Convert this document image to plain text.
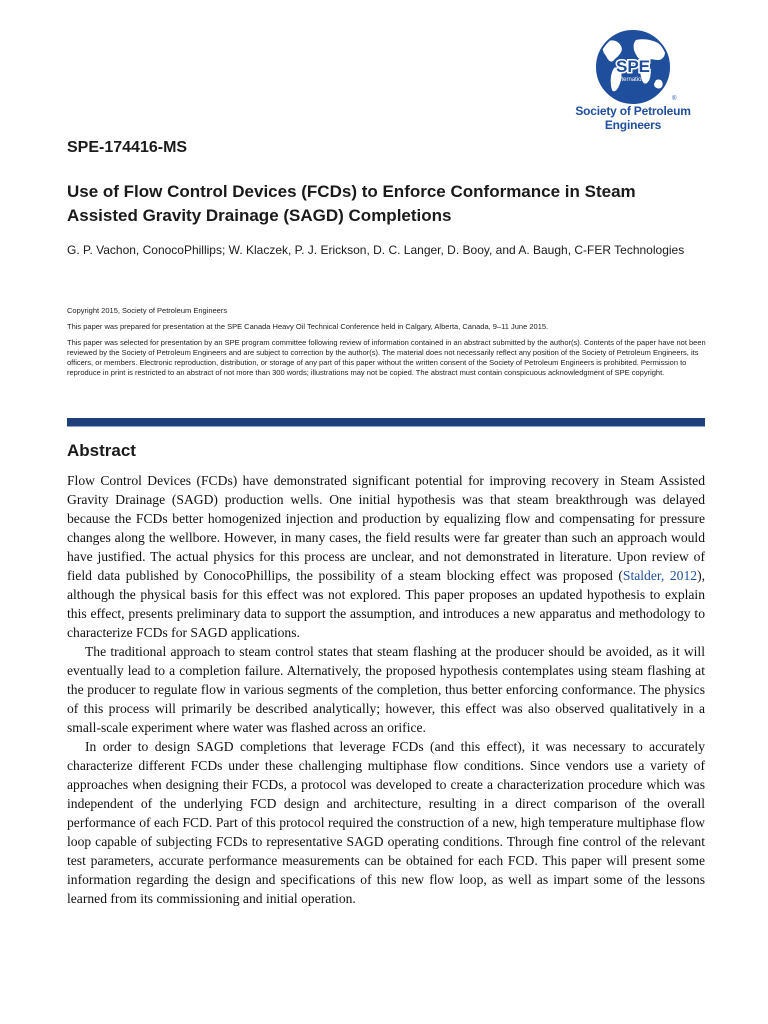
SPE
International
®
Society of Petroleum Engineers
SPE-174416-MS
Use of Flow Control Devices (FCDs) to Enforce Conformance in Steam Assisted Gravity Drainage (SAGD) Completions
G. P. Vachon, ConocoPhillips; W. Klaczek, P. J. Erickson, D. C. Langer, D. Booy, and A. Baugh, C-FER Technologies

Copyright 2015, Society of Petroleum Engineers

This paper was prepared for presentation at the SPE Canada Heavy Oil Technical Conference held in Calgary, Alberta, Canada, 9–11 June 2015.

This paper was selected for presentation by an SPE program committee following review of information contained in an abstract submitted by the author(s). Contents of the paper have not been reviewed by the Society of Petroleum Engineers and are subject to correction by the author(s). The material does not necessarily reflect any position of the Society of Petroleum Engineers, its officers, or members. Electronic reproduction, distribution, or storage of any part of this paper without the written consent of the Society of Petroleum Engineers is prohibited. Permission to reproduce in print is restricted to an abstract of not more than 300 words; illustrations may not be copied. The abstract must contain conspicuous acknowledgment of SPE copyright.

Abstract

Flow Control Devices (FCDs) have demonstrated significant potential for improving recovery in Steam Assisted Gravity Drainage (SAGD) production wells. One initial hypothesis was that steam breakthrough was delayed because the FCDs better homogenized injection and production by equalizing flow and compensating for pressure changes along the wellbore. However, in many cases, the field results were far greater than such an approach would have justified. The actual physics for this process are unclear, and not demonstrated in literature. Upon review of field data published by ConocoPhillips, the possibility of a steam blocking effect was proposed (Stalder, 2012), although the physical basis for this effect was not explored. This paper proposes an updated hypothesis to explain this effect, presents preliminary data to support the assumption, and introduces a new apparatus and methodology to characterize FCDs for SAGD applications.

The traditional approach to steam control states that steam flashing at the producer should be avoided, as it will eventually lead to a completion failure. Alternatively, the proposed hypothesis contemplates using steam flashing at the producer to regulate flow in various segments of the completion, thus better enforcing conformance. The physics of this process will primarily be described analytically; however, this effect was also observed qualitatively in a small-scale experiment where water was flashed across an orifice.

In order to design SAGD completions that leverage FCDs (and this effect), it was necessary to accurately characterize different FCDs under these challenging multiphase flow conditions. Since vendors use a variety of approaches when designing their FCDs, a protocol was developed to create a characterization procedure which was independent of the underlying FCD design and architecture, resulting in a direct comparison of the overall performance of each FCD. Part of this protocol required the construction of a new, high temperature multiphase flow loop capable of subjecting FCDs to representative SAGD operating conditions. Through fine control of the relevant test parameters, accurate performance measurements can be obtained for each FCD. This paper will present some information regarding the design and specifications of this new flow loop, as well as impart some of the lessons learned from its commissioning and initial operation.
